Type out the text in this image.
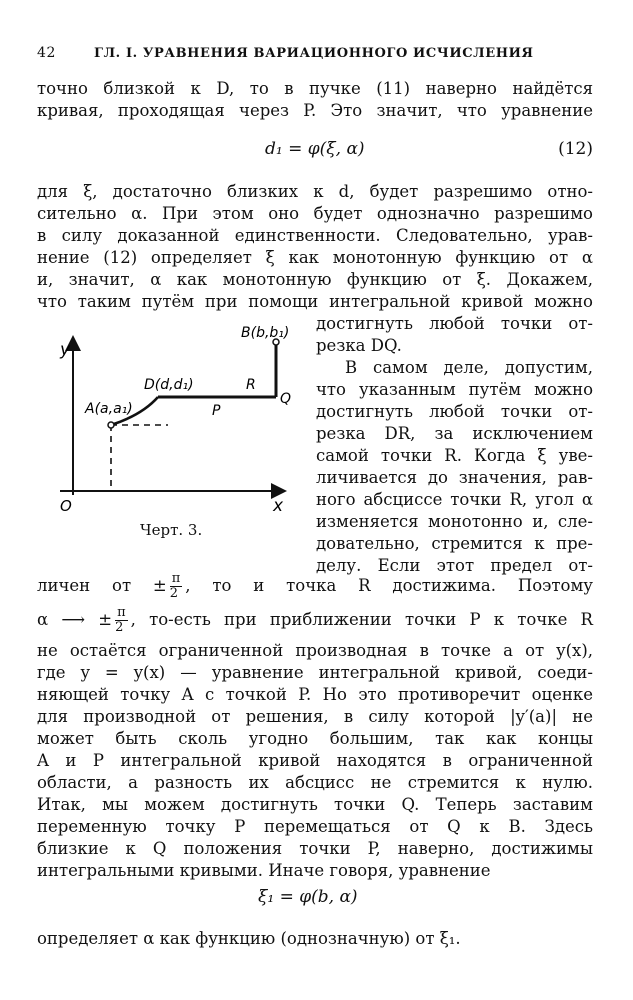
42	ГЛ. I. УРАВНЕНИЯ ВАРИАЦИОННОГО ИСЧИСЛЕНИЯ
точно близкой к D, то в пучке (11) наверно найдётся
кривая, проходящая через P. Это значит, что уравнение
d₁ = φ(ξ, α)	(12)
для ξ, достаточно близких к d, будет разрешимо отно-
сительно α. При этом оно будет однозначно разрешимо
в силу доказанной единственности. Следовательно, урав-
нение (12) определяет ξ как монотонную функцию от α
и, значит, α как монотонную функцию от ξ. Докажем,
что таким путём при помощи интегральной кривой можно
достигнуть любой точки от-
резка DQ.
В самом деле, допустим,
что указанным путём можно
достигнуть любой точки от-
резка DR, за исключением
самой точки R. Когда ξ уве-
личивается до значения, рав-
ного абсциссе точки R, угол α
изменяется монотонно и, сле-
довательно, стремится к пре-
делу. Если этот предел от-
y
x
O
A(a,a₁)
D(d,d₁)
P
R
Q
B(b,b₁)
Черт. 3.
личен от ± $\frac{\pi}{2}$ , то и точка R достижима. Поэтому
α ⟶ ± $\frac{\pi}{2}$ , то-есть при приближении точки P к точке R
не остаётся ограниченной производная в точке a от y(x),
где y = y(x) — уравнение интегральной кривой, соеди-
няющей точку A с точкой P. Но это противоречит оценке
для производной от решения, в силу которой |y′(a)| не
может быть сколь угодно большим, так как концы
A и P интегральной кривой находятся в ограниченной
области, а разность их абсцисс не стремится к нулю.
Итак, мы можем достигнуть точки Q. Теперь заставим
переменную точку P перемещаться от Q к B. Здесь
близкие к Q положения точки P, наверно, достижимы
интегральными кривыми. Иначе говоря, уравнение
ξ₁ = φ(b, α)
определяет α как функцию (однозначную) от ξ₁.
